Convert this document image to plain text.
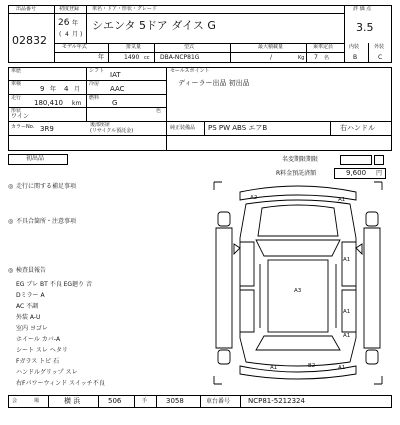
出品番号
02832
初度登録
26 年
( 4 月 )
車名・ドア・形状・グレード
シエンタ 5ドア ダイス G
モデル年式	排気量	型式	最大積載量	乗車定員
年	1490 cc DBA-NCP81G	/	Kg 7 名
評 価 点
3.5
内装	外装
B	C
車歴	シフト IAT
車検
9 年 4 月
冷房
AAC
走行
180,410 km
燃料
G
形状
ワイン
色
カラーNo. 3R9	後部座席
(リサイクル預託金)
セールスポイント
ディーラー出品 初出品
純正装備品 PS PW ABS エアB	右ハンドル
初出品	名変期限期限
R料金預託済額	9,600 円
◎ 走行に関する補足事項
◎ 不具合箇所・注意事項
◎ 検査員報告
EG ブレ BT 不良 EG廻り 音
Dミラー A
AC 不調
外装 A-U
室内 ヨゴレ
ホイール カバ-A
シート スレ ヘタリ
Fガラス トビ 石
ハンドルグリップ スレ
右Fパワーウィンド スイッチ不良
A2	A1
A1
A1
A3
A1
B2
A1	A1
会	場	横 浜	506	手	3058	車台番号	NCP81-5212324
